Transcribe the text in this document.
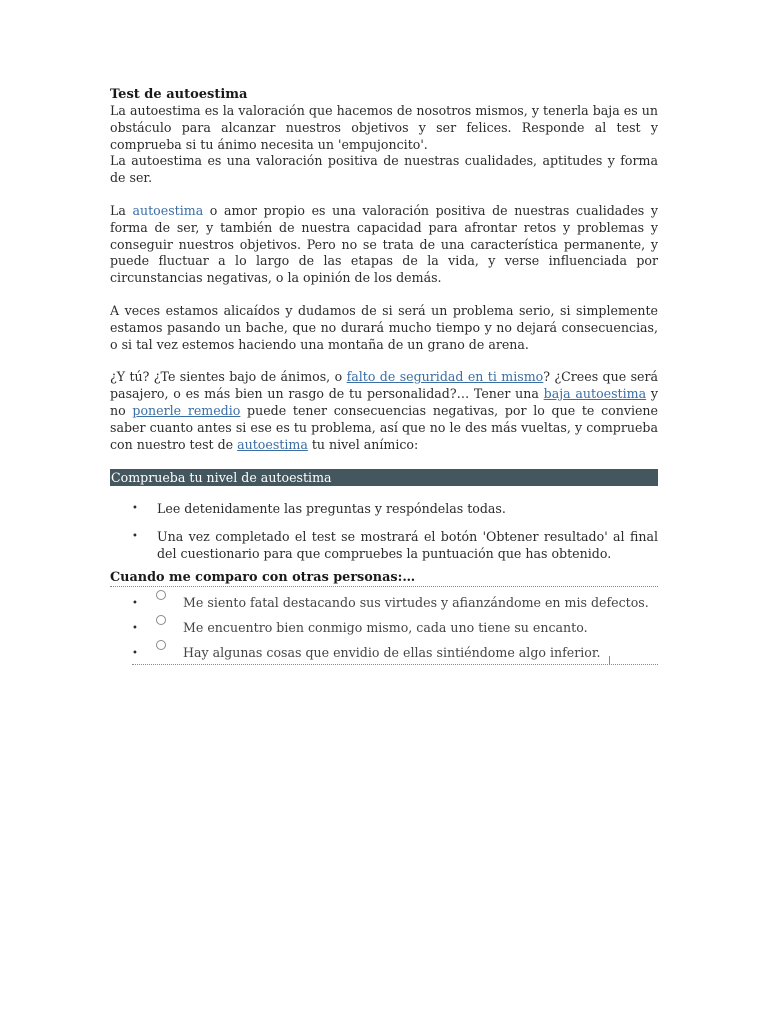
Test de autoestima

La autoestima es la valoración que hacemos de nosotros mismos, y tenerla baja es un obstáculo para alcanzar nuestros objetivos y ser felices. Responde al test y comprueba si tu ánimo necesita un 'empujoncito'.

La autoestima es una valoración positiva de nuestras cualidades, aptitudes y forma de ser.

La autoestima o amor propio es una valoración positiva de nuestras cualidades y forma de ser, y también de nuestra capacidad para afrontar retos y problemas y conseguir nuestros objetivos. Pero no se trata de una característica permanente, y puede fluctuar a lo largo de las etapas de la vida, y verse influenciada por circunstancias negativas, o la opinión de los demás.

A veces estamos alicaídos y dudamos de si será un problema serio, si simplemente estamos pasando un bache, que no durará mucho tiempo y no dejará consecuencias, o si tal vez estemos haciendo una montaña de un grano de arena.

¿Y tú? ¿Te sientes bajo de ánimos, o falto de seguridad en ti mismo? ¿Crees que será pasajero, o es más bien un rasgo de tu personalidad?… Tener una baja autoestima y no ponerle remedio puede tener consecuencias negativas, por lo que te conviene saber cuanto antes si ese es tu problema, así que no le des más vueltas, y comprueba con nuestro test de autoestima tu nivel anímico:

Comprueba tu nivel de autoestima
• Lee detenidamente las preguntas y respóndelas todas.
• Una vez completado el test se mostrará el botón 'Obtener resultado' al final del cuestionario para que compruebes la puntuación que has obtenido.
Cuando me comparo con otras personas:…
•	Me siento fatal destacando sus virtudes y afianzándome en mis defectos.
•	Me encuentro bien conmigo mismo, cada uno tiene su encanto.
•	Hay algunas cosas que envidio de ellas sintiéndome algo inferior.
